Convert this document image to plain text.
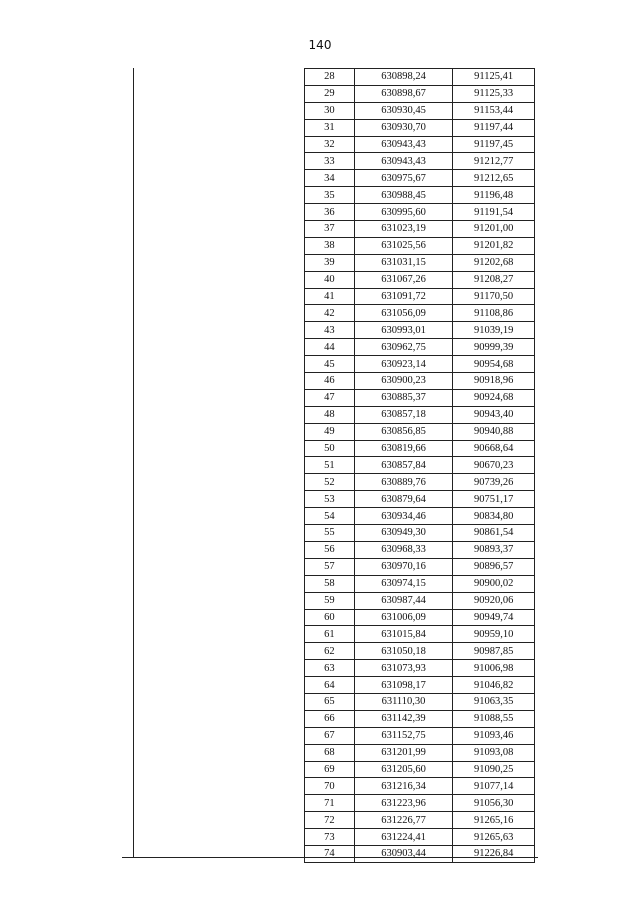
140
28	630898,24	91125,41
29	630898,67	91125,33
30	630930,45	91153,44
31	630930,70	91197,44
32	630943,43	91197,45
33	630943,43	91212,77
34	630975,67	91212,65
35	630988,45	91196,48
36	630995,60	91191,54
37	631023,19	91201,00
38	631025,56	91201,82
39	631031,15	91202,68
40	631067,26	91208,27
41	631091,72	91170,50
42	631056,09	91108,86
43	630993,01	91039,19
44	630962,75	90999,39
45	630923,14	90954,68
46	630900,23	90918,96
47	630885,37	90924,68
48	630857,18	90943,40
49	630856,85	90940,88
50	630819,66	90668,64
51	630857,84	90670,23
52	630889,76	90739,26
53	630879,64	90751,17
54	630934,46	90834,80
55	630949,30	90861,54
56	630968,33	90893,37
57	630970,16	90896,57
58	630974,15	90900,02
59	630987,44	90920,06
60	631006,09	90949,74
61	631015,84	90959,10
62	631050,18	90987,85
63	631073,93	91006,98
64	631098,17	91046,82
65	631110,30	91063,35
66	631142,39	91088,55
67	631152,75	91093,46
68	631201,99	91093,08
69	631205,60	91090,25
70	631216,34	91077,14
71	631223,96	91056,30
72	631226,77	91265,16
73	631224,41	91265,63
74	630903,44	91226,84
